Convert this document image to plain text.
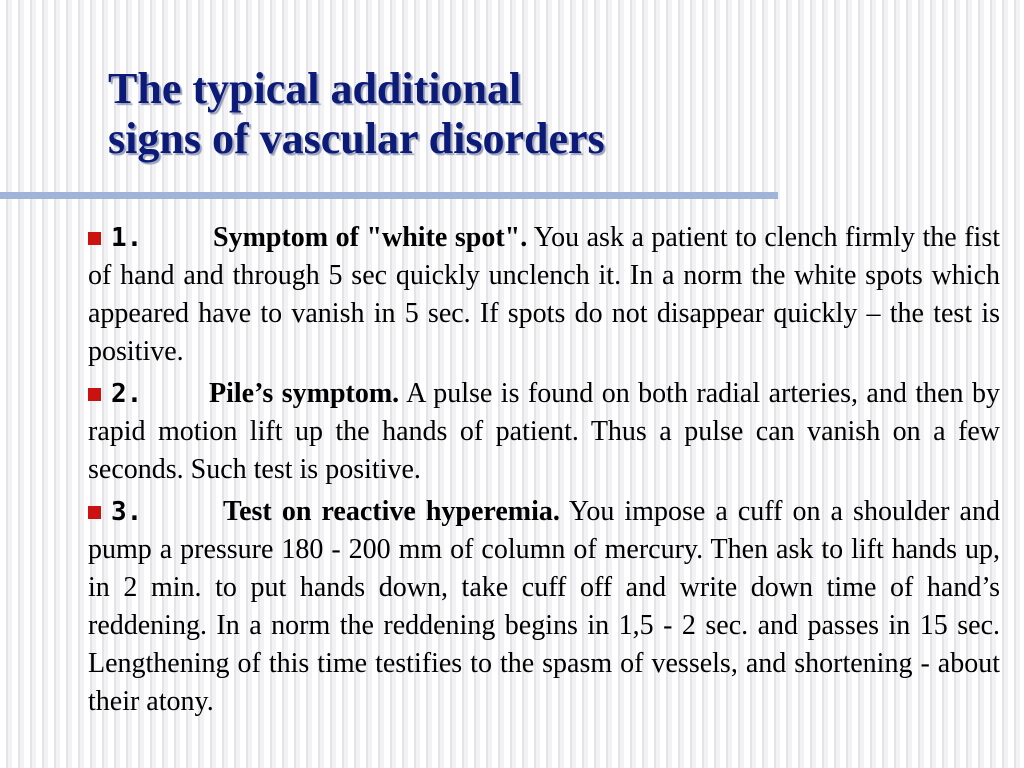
The typical additional
signs of vascular disorders
1.	Symptom of "white spot". You ask a patient to clench firmly the fist of hand and through 5 sec quickly unclench it. In a norm the white spots which appeared have to vanish in 5 sec. If spots do not disappear quickly – the test is positive.
2. Pile’s symptom. A pulse is found on both radial arteries, and then by rapid motion lift up the hands of patient. Thus a pulse can vanish on a few seconds. Such test is positive.
3.	Test on reactive hyperemia. You impose a cuff on a shoulder and pump a pressure 180 - 200 mm of column of mercury. Then ask to lift hands up, in 2 min. to put hands down, take cuff off and write down time of hand’s reddening. In a norm the reddening begins in 1,5 - 2 sec. and passes in 15 sec. Lengthening of this time testifies to the spasm of vessels, and shortening - about their atony.
